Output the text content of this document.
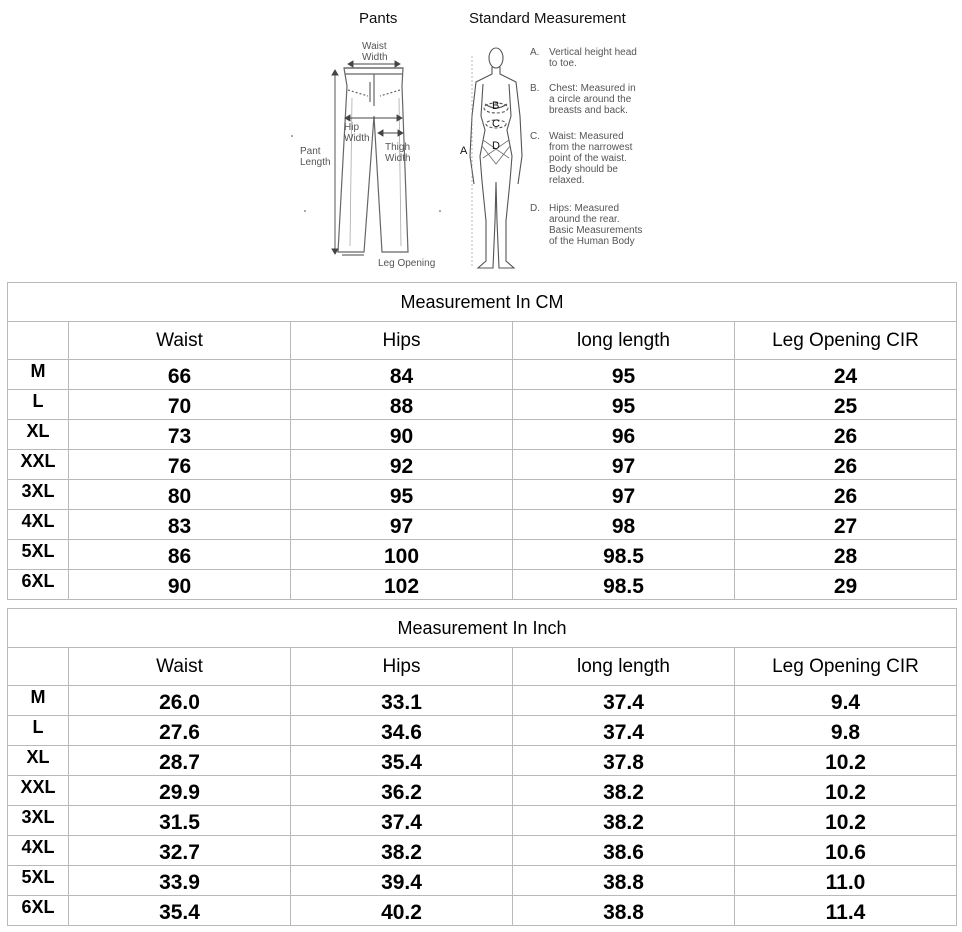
Pants	Standard Measurement
Waist
Width
Hip
Width
Pant
Length
Thigh
Width
Leg Opening
A
B
C
D
A. Vertical height head
to toe.
B. Chest: Measured in
a circle around the
breasts and back.
C. Waist: Measured
from the narrowest
point of the waist.
Body should be
relaxed.
D. Hips: Measured
around the rear.
Basic Measurements
of the Human Body
Measurement In CM				
	Waist	Hips	long length	Leg Opening CIR
M	66	84	95	24
L	70	88	95	25
XL	73	90	96	26
XXL	76	92	97	26
3XL	80	95	97	26
4XL	83	97	98	27
5XL	86	100	98.5	28
6XL	90	102	98.5	29
Measurement In Inch				
	Waist	Hips	long length	Leg Opening CIR
M	26.0	33.1	37.4	9.4
L	27.6	34.6	37.4	9.8
XL	28.7	35.4	37.8	10.2
XXL	29.9	36.2	38.2	10.2
3XL	31.5	37.4	38.2	10.2
4XL	32.7	38.2	38.6	10.6
5XL	33.9	39.4	38.8	11.0
6XL	35.4	40.2	38.8	11.4
